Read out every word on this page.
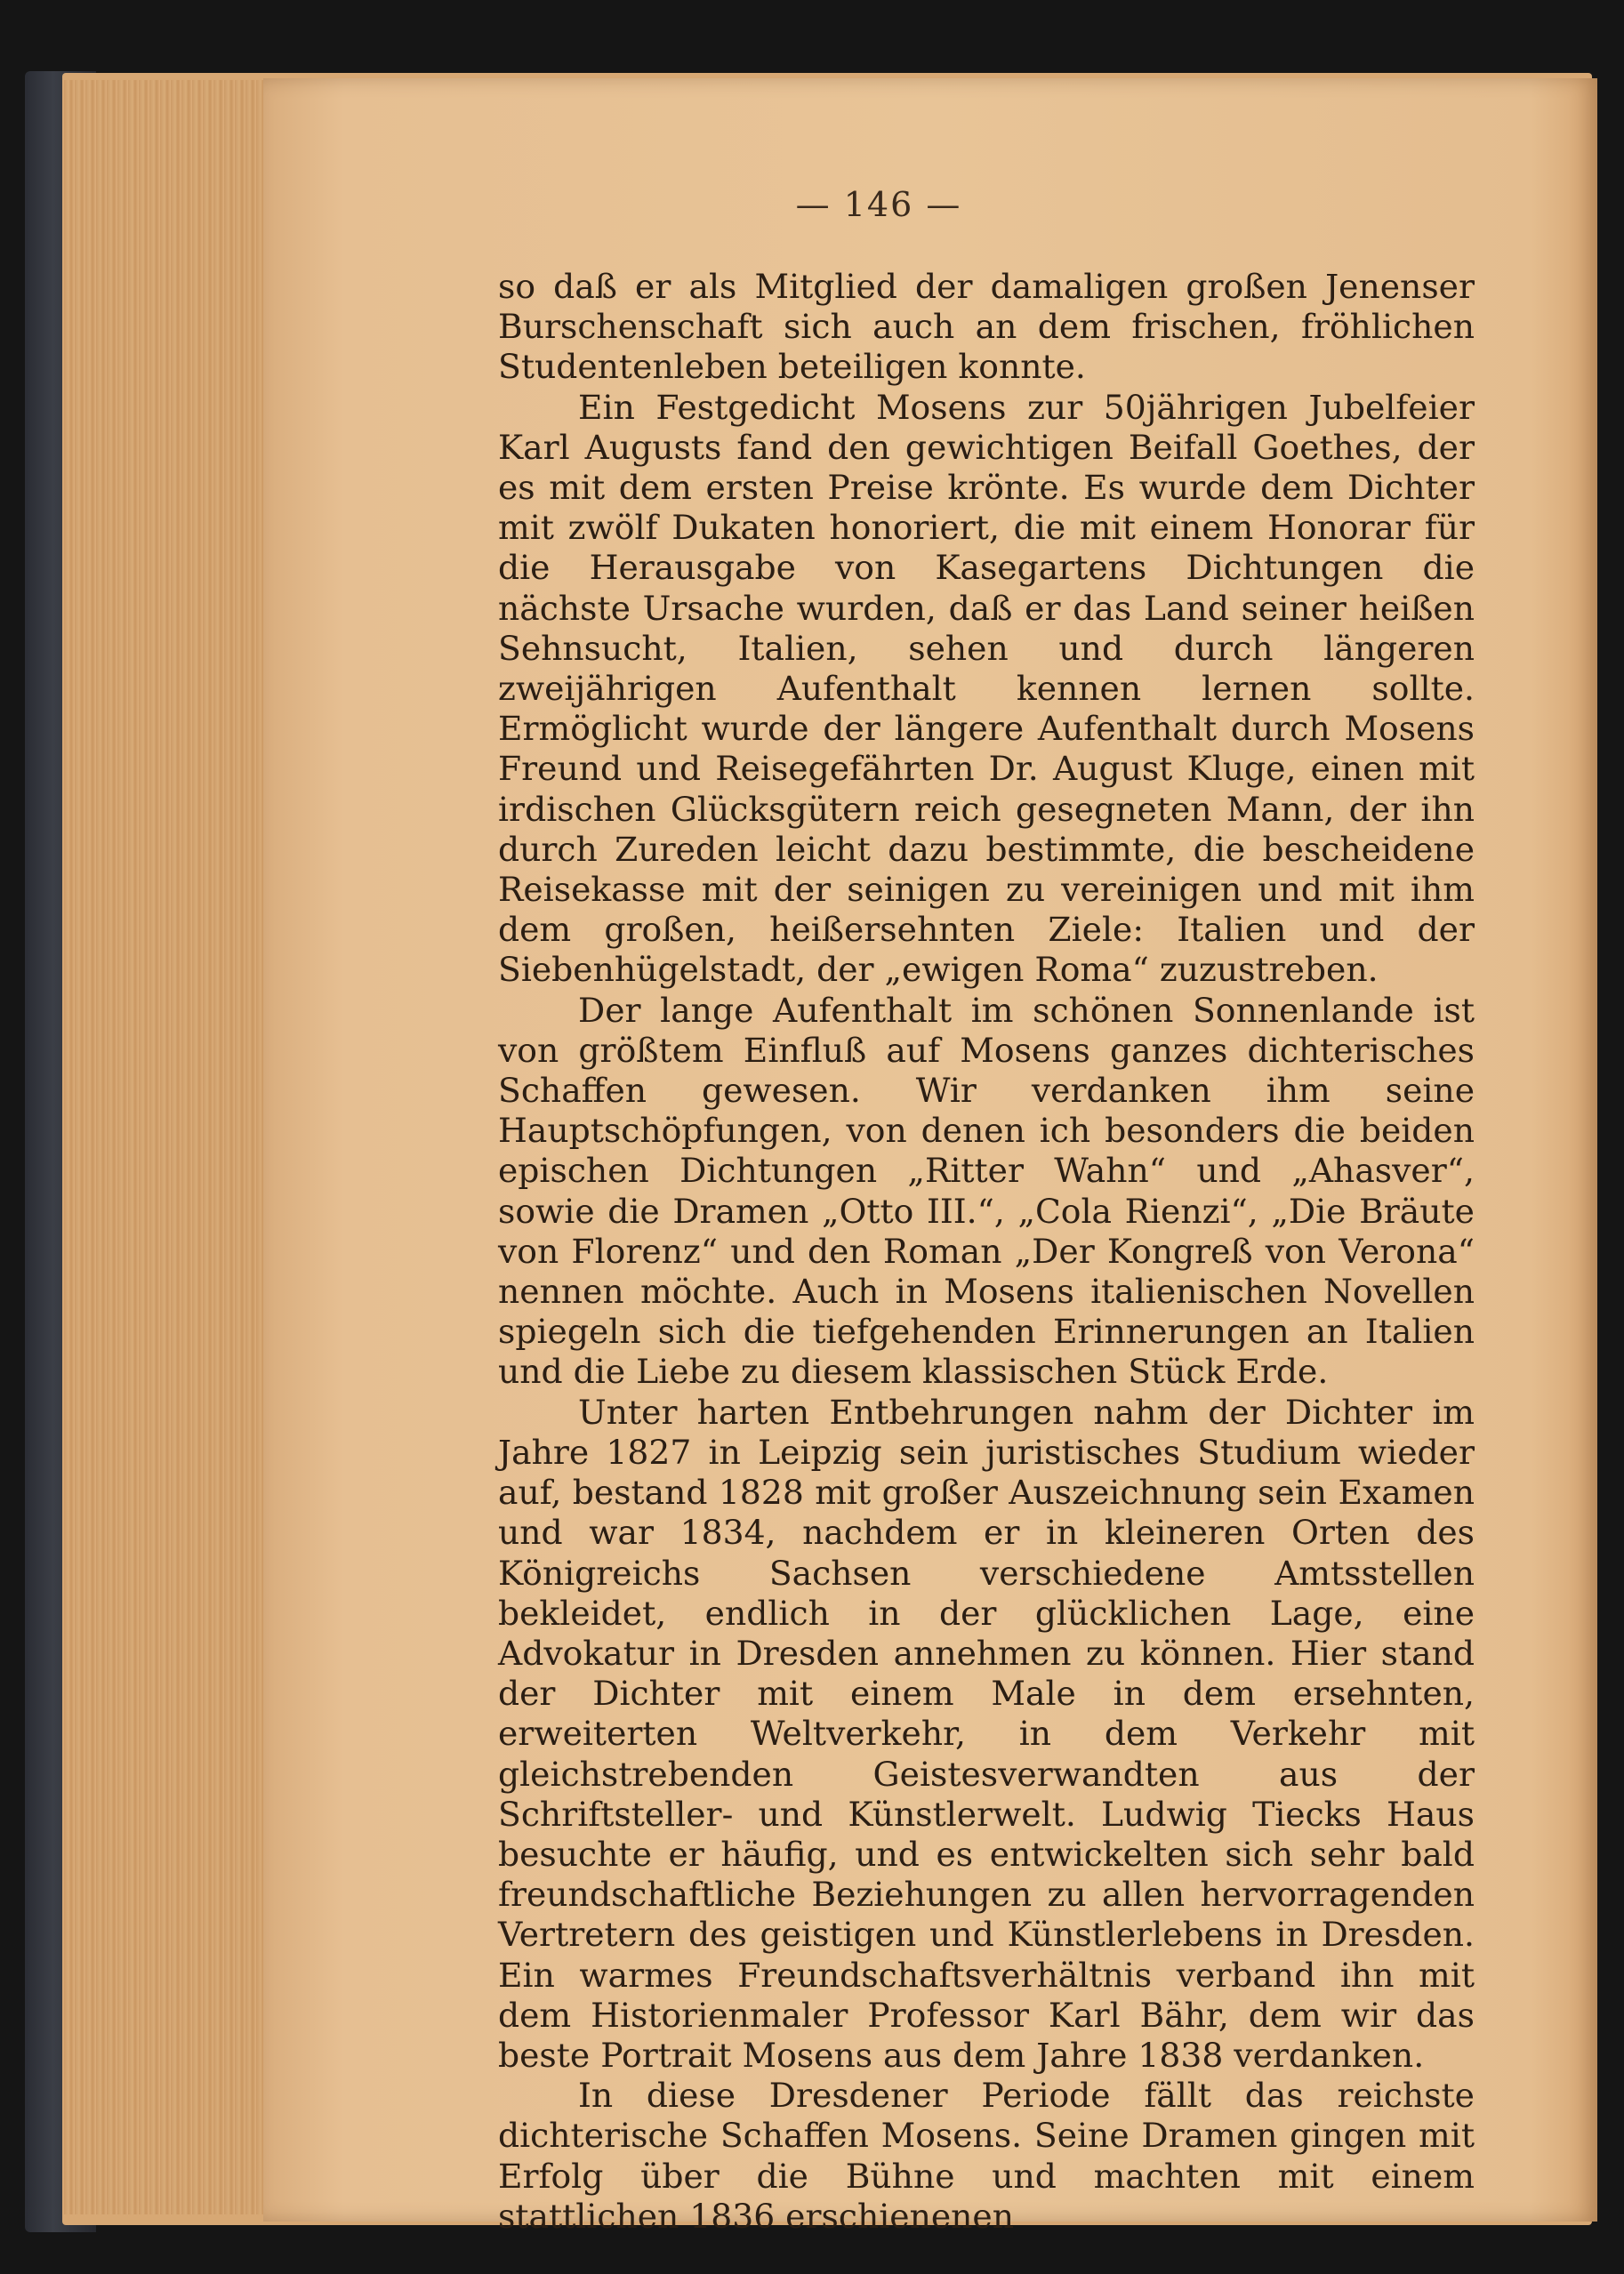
— 146 —

so daß er als Mitglied der damaligen großen Jenenser Burschenschaft sich auch an dem frischen, fröhlichen Studentenleben beteiligen konnte.

Ein Festgedicht Mosens zur 50jährigen Jubelfeier Karl Augusts fand den gewichtigen Beifall Goethes, der es mit dem ersten Preise krönte. Es wurde dem Dichter mit zwölf Dukaten honoriert, die mit einem Honorar für die Herausgabe von Kasegartens Dichtungen die nächste Ursache wurden, daß er das Land seiner heißen Sehnsucht, Italien, sehen und durch längeren zweijährigen Aufenthalt kennen lernen sollte. Ermöglicht wurde der längere Aufenthalt durch Mosens Freund und Reisegefährten Dr. August Kluge, einen mit irdischen Glücksgütern reich gesegneten Mann, der ihn durch Zureden leicht dazu bestimmte, die bescheidene Reisekasse mit der seinigen zu vereinigen und mit ihm dem großen, heißersehnten Ziele: Italien und der Siebenhügelstadt, der „ewigen Roma“ zuzustreben.

Der lange Aufenthalt im schönen Sonnenlande ist von größtem Einfluß auf Mosens ganzes dichterisches Schaffen gewesen. Wir verdanken ihm seine Hauptschöpfungen, von denen ich besonders die beiden epischen Dichtungen „Ritter Wahn“ und „Ahasver“, sowie die Dramen „Otto III.“, „Cola Rienzi“, „Die Bräute von Florenz“ und den Roman „Der Kongreß von Verona“ nennen möchte. Auch in Mosens italienischen Novellen spiegeln sich die tiefgehenden Erinnerungen an Italien und die Liebe zu diesem klassischen Stück Erde.

Unter harten Entbehrungen nahm der Dichter im Jahre 1827 in Leipzig sein juristisches Studium wieder auf, bestand 1828 mit großer Auszeichnung sein Examen und war 1834, nachdem er in kleineren Orten des Königreichs Sachsen verschiedene Amtsstellen bekleidet, endlich in der glücklichen Lage, eine Advokatur in Dresden annehmen zu können. Hier stand der Dichter mit einem Male in dem ersehnten, erweiterten Weltverkehr, in dem Verkehr mit gleichstrebenden Geistesverwandten aus der Schriftsteller- und Künstlerwelt. Ludwig Tiecks Haus besuchte er häufig, und es entwickelten sich sehr bald freundschaftliche Beziehungen zu allen hervorragenden Vertretern des geistigen und Künstlerlebens in Dresden. Ein warmes Freundschaftsverhältnis verband ihn mit dem Historienmaler Professor Karl Bähr, dem wir das beste Portrait Mosens aus dem Jahre 1838 verdanken.

In diese Dresdener Periode fällt das reichste dichterische Schaffen Mosens. Seine Dramen gingen mit Erfolg über die Bühne und machten mit einem stattlichen 1836 erschienenen
